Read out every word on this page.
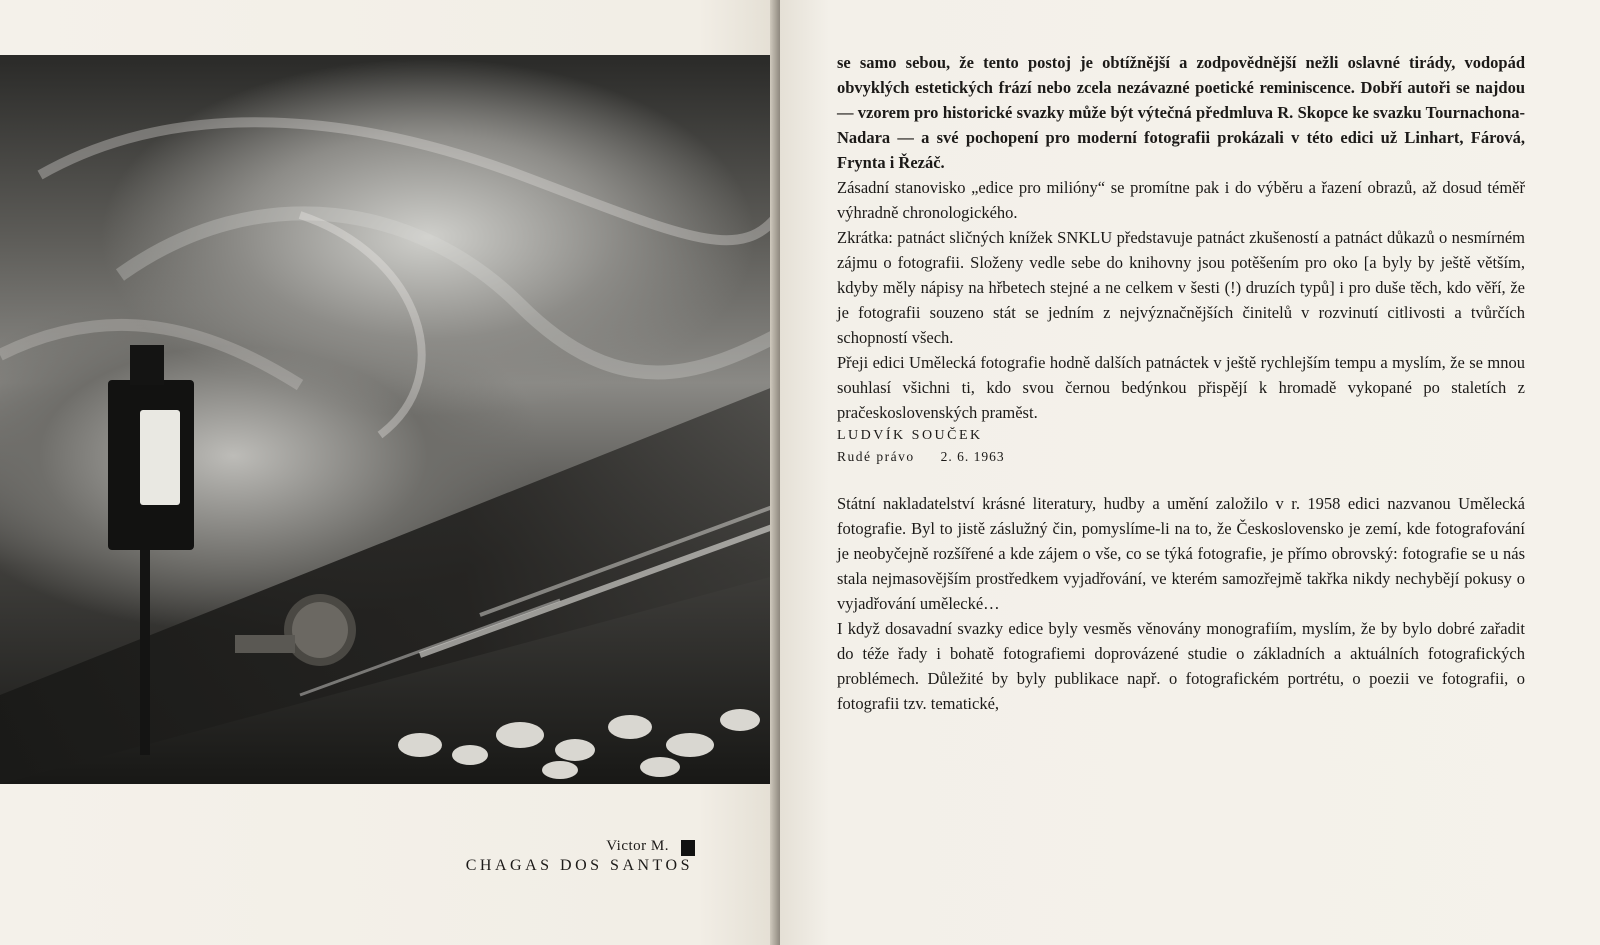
Victor M.
CHAGAS DOS SANTOS

se samo sebou, že tento postoj je obtížnější a zodpovědnější nežli oslavné tirády, vodopád obvyklých estetických frází nebo zcela nezávazné poetické reminiscence. Dobří autoři se najdou — vzorem pro historické svazky může být výtečná předmluva R. Skopce ke svazku Tournachona-Nadara — a své pochopení pro moderní fotografii prokázali v této edici už Linhart, Fárová, Frynta i Řezáč.

Zásadní stanovisko „edice pro milióny“ se promítne pak i do výběru a řazení obrazů, až dosud téměř výhradně chronologického.

Zkrátka: patnáct sličných knížek SNKLU představuje patnáct zkušeností a patnáct důkazů o nesmírném zájmu o fotografii. Složeny vedle sebe do knihovny jsou potěšením pro oko [a byly by ještě větším, kdyby měly nápisy na hřbetech stejné a ne celkem v šesti (!) druzích typů] i pro duše těch, kdo věří, že je fotografii souzeno stát se jedním z nejvýznačnějších činitelů v rozvinutí citlivosti a tvůrčích schopností všech.

Přeji edici Umělecká fotografie hodně dalších patnáctek v ještě rychlejším tempu a myslím, že se mnou souhlasí všichni ti, kdo svou černou bedýnkou přispějí k hromadě vykopané po staletích z pračeskoslovenských praměst.

LUDVÍK SOUČEK

Rudé právo 2. 6. 1963

Státní nakladatelství krásné literatury, hudby a umění založilo v r. 1958 edici nazvanou Umělecká fotografie. Byl to jistě záslužný čin, pomyslíme-li na to, že Československo je zemí, kde fotografování je neobyčejně rozšířené a kde zájem o vše, co se týká fotografie, je přímo obrovský: fotografie se u nás stala nejmasovějším prostředkem vyjadřování, ve kterém samozřejmě takřka nikdy nechybějí pokusy o vyjadřování umělecké…

I když dosavadní svazky edice byly vesměs věnovány monografiím, myslím, že by bylo dobré zařadit do téže řady i bohatě fotografiemi doprovázené studie o základních a aktuálních fotografických problémech. Důležité by byly publikace např. o fotografickém portrétu, o poezii ve fotografii, o fotografii tzv. tematické,
